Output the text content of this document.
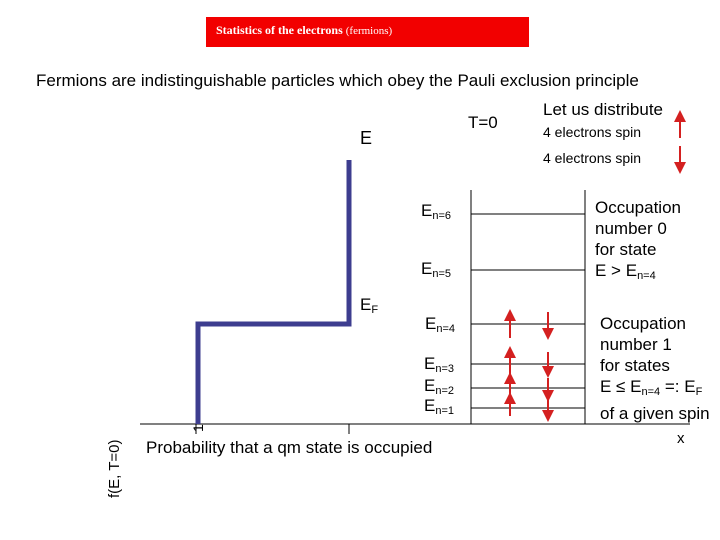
Statistics of the electrons (fermions)
Fermions are indistinguishable particles which obey the Pauli exclusion principle
T=0
E
Let us distribute
4 electrons spin
4 electrons spin
$E_{n=6}$
$E_{n=5}$
$E_F$
$E_{n=4}$
$E_{n=3}$
$E_{n=2}$
$E_{n=1}$
Occupation
number 0
for state
$E > E_{n=4}$
Occupation
number 1
for states
$E \le E_{n=4}$ =: $E_F$
of a given spin
x
Probability that a qm state is occupied
f(E, T=0)
1
